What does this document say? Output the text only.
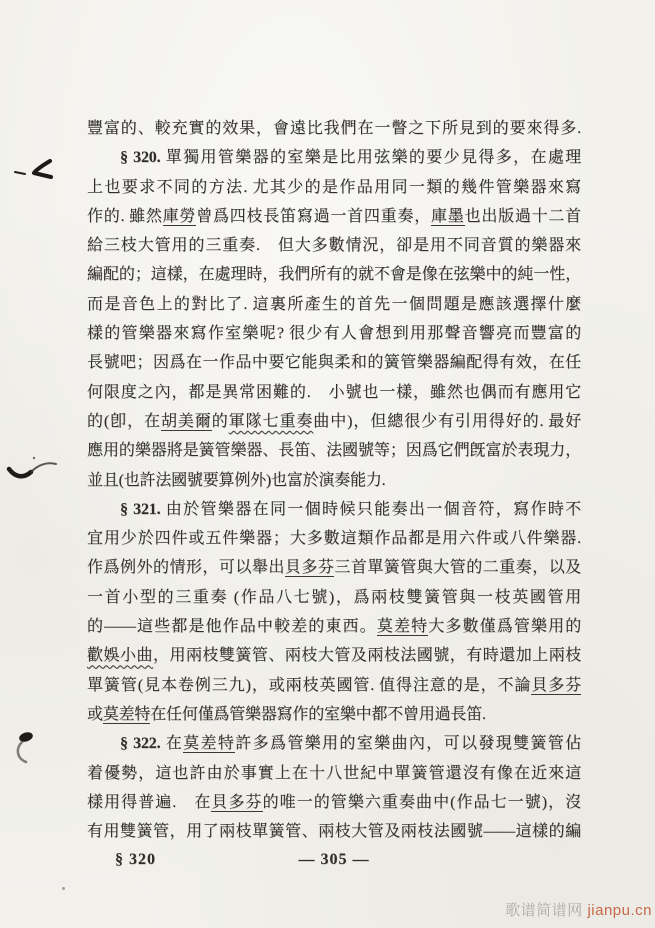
豐富的、較充實的效果，會遠比我們在一瞥之下所見到的要來得多.
§ 320. 單獨用管樂器的室樂是比用弦樂的要少見得多，在處理
上也要求不同的方法. 尤其少的是作品用同一類的幾件管樂器來寫
作的. 雖然庫勞曾爲四枝長笛寫過一首四重奏，庫墨也出版過十二首
給三枝大管用的三重奏.　但大多數情況，卻是用不同音質的樂器來
編配的；這樣，在處理時，我們所有的就不會是像在弦樂中的純一性，
而是音色上的對比了. 這裏所產生的首先一個問題是應該選擇什麼
樣的管樂器來寫作室樂呢? 很少有人會想到用那聲音響亮而豐富的
長號吧；因爲在一作品中要它能與柔和的簧管樂器編配得有效，在任
何限度之內，都是異常困難的.　小號也一樣，雖然也偶而有應用它
的(卽，在胡美爾的軍隊七重奏曲中)，但總很少有引用得好的. 最好
應用的樂器將是簧管樂器、長笛、法國號等；因爲它們旣富於表現力，
並且(也許法國號要算例外)也富於演奏能力.
§ 321. 由於管樂器在同一個時候只能奏出一個音符，寫作時不
宜用少於四件或五件樂器；大多數這類作品都是用六件或八件樂器.
作爲例外的情形，可以舉出貝多芬三首單簧管與大管的二重奏，以及
一首小型的三重奏 (作品八七號)，爲兩枝雙簧管與一枝英國管用
的——這些都是他作品中較差的東西。莫差特大多數僅爲管樂用的
歡娛小曲，用兩枝雙簧管、兩枝大管及兩枝法國號，有時還加上兩枝
單簧管(見本卷例三九)，或兩枝英國管. 值得注意的是，不論貝多芬
或莫差特在任何僅爲管樂器寫作的室樂中都不曾用過長笛.
§ 322. 在莫差特許多爲管樂用的室樂曲內，可以發現雙簧管佔
着優勢，這也許由於事實上在十八世紀中單簧管還沒有像在近來這
樣用得普遍.　在貝多芬的唯一的管樂六重奏曲中(作品七一號)，沒
有用雙簧管，用了兩枝單簧管、兩枝大管及兩枝法國號——這樣的編
§ 320	— 305 —
歌谱简谱网 jianpu.cn
